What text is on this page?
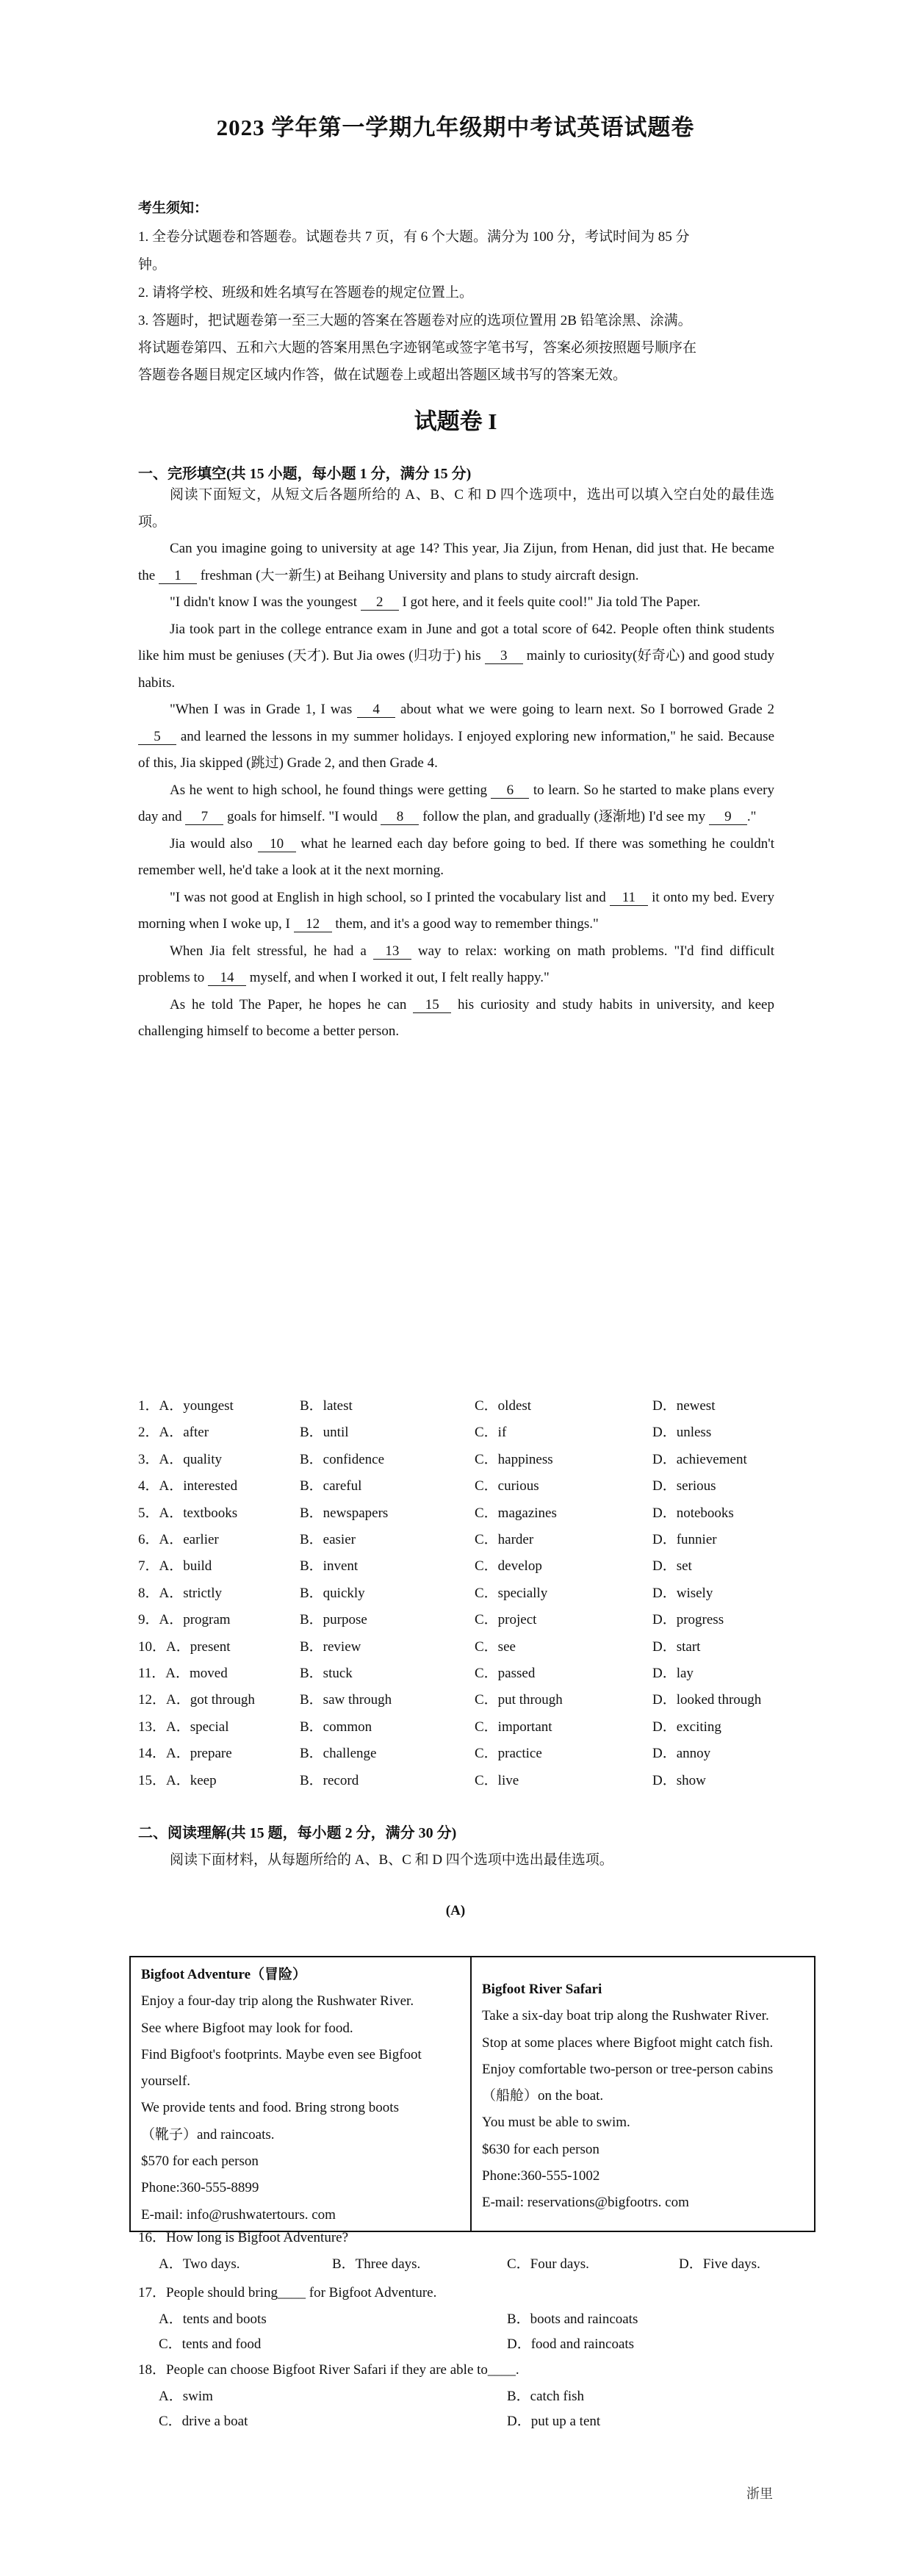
2023 学年第一学期九年级期中考试英语试题卷
考生须知：
1. 全卷分试题卷和答题卷。试题卷共 7 页，有 6 个大题。满分为 100 分，考试时间为 85 分
钟。
2. 请将学校、班级和姓名填写在答题卷的规定位置上。
3. 答题时，把试题卷第一至三大题的答案在答题卷对应的选项位置用 2B 铅笔涂黑、涂满。
将试题卷第四、五和六大题的答案用黑色字迹钢笔或签字笔书写，答案必须按照题号顺序在
答题卷各题目规定区域内作答，做在试题卷上或超出答题区域书写的答案无效。
试题卷 I
一、完形填空(共 15 小题，每小题 1 分，满分 15 分)

阅读下面短文，从短文后各题所给的 A、B、C 和 D 四个选项中，选出可以填入空白处的最佳选项。

Can you imagine going to university at age 14? This year, Jia Zijun, from Henan, did just that. He became the 1 freshman (大一新生) at Beihang University and plans to study aircraft design.

"I didn't know I was the youngest 2 I got here, and it feels quite cool!" Jia told The Paper.

Jia took part in the college entrance exam in June and got a total score of 642. People often think students like him must be geniuses (天才). But Jia owes (归功于) his 3 mainly to curiosity(好奇心) and good study habits.

"When I was in Grade 1, I was 4 about what we were going to learn next. So I borrowed Grade 2 5 and learned the lessons in my summer holidays. I enjoyed exploring new information," he said. Because of this, Jia skipped (跳过) Grade 2, and then Grade 4.

As he went to high school, he found things were getting 6 to learn. So he started to make plans every day and 7 goals for himself. "I would 8 follow the plan, and gradually (逐渐地) I'd see my 9 ."

Jia would also 10 what he learned each day before going to bed. If there was something he couldn't remember well, he'd take a look at it the next morning.

"I was not good at English in high school, so I printed the vocabulary list and 11 it onto my bed. Every morning when I woke up, I 12 them, and it's a good way to remember things."

When Jia felt stressful, he had a 13 way to relax: working on math problems. "I'd find difficult problems to 14 myself, and when I worked it out, I felt really happy."

As he told The Paper, he hopes he can 15 his curiosity and study habits in university, and keep challenging himself to become a better person.

1．A．youngest	B．latest	C．oldest	D．newest
2．A．after	B．until	C．if	D．unless
3．A．quality	B．confidence	C．happiness	D．achievement
4．A．interested	B．careful	C．curious	D．serious
5．A．textbooks	B．newspapers	C．magazines	D．notebooks
6．A．earlier	B．easier	C．harder	D．funnier
7．A．build	B．invent	C．develop	D．set
8．A．strictly	B．quickly	C．specially	D．wisely
9．A．program	B．purpose	C．project	D．progress
10．A．present	B．review	C．see	D．start
11．A．moved	B．stuck	C．passed	D．lay
12．A．got through	B．saw through	C．put through	D．looked through
13．A．special	B．common	C．important	D．exciting
14．A．prepare	B．challenge	C．practice	D．annoy
15．A．keep	B．record	C．live	D．show
二、阅读理解(共 15 题，每小题 2 分，满分 30 分)
阅读下面材料，从每题所给的 A、B、C 和 D 四个选项中选出最佳选项。
(A)
Bigfoot Adventure（冒险）
Enjoy a four-day trip along the Rushwater River.
See where Bigfoot may look for food.
Find Bigfoot's footprints. Maybe even see Bigfoot
yourself.
We provide tents and food. Bring strong boots
（靴子）and raincoats.
$570 for each person
Phone:360-555-8899
E-mail: info@rushwatertours. com
Bigfoot River Safari
Take a six-day boat trip along the Rushwater River.
Stop at some places where Bigfoot might catch fish.
Enjoy comfortable two-person or tree-person cabins
（船舱）on the boat.
You must be able to swim.
$630 for each person
Phone:360-555-1002
E-mail: reservations@bigfootrs. com
16．How long is Bigfoot Adventure?
A．Two days.	B．Three days.	C．Four days.	D．Five days.
17．People should bring____ for Bigfoot Adventure.
A．tents and boots	B．boots and raincoats
C．tents and food	D．food and raincoats
18．People can choose Bigfoot River Safari if they are able to____.
A．swim	B．catch fish
C．drive a boat	D．put up a tent
浙里
